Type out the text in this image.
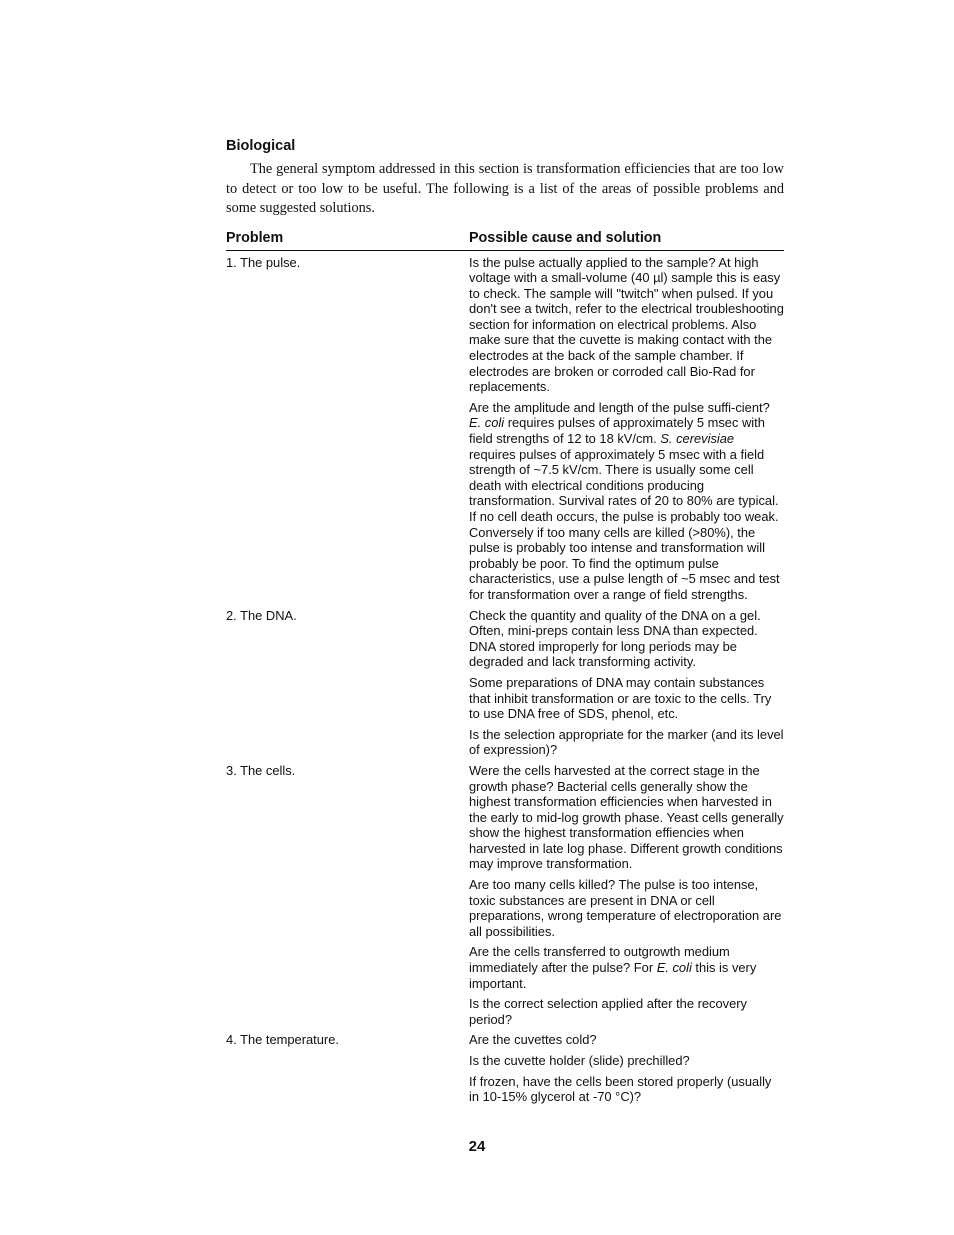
Biological

The general symptom addressed in this section is transformation efficiencies that are too low to detect or too low to be useful. The following is a list of the areas of possible problems and some suggested solutions.

Problem	Possible cause and solution
1. The pulse.	Is the pulse actually applied to the sample? At high voltage with a small-volume (40 µl) sample this is easy to check. The sample will "twitch" when pulsed. If you don't see a twitch, refer to the electrical troubleshooting section for information on electrical problems. Also make sure that the cuvette is making contact with the electrodes at the back of the sample chamber. If electrodes are broken or corroded call Bio-Rad for replacements.

Are the amplitude and length of the pulse suffi-cient? E. coli requires pulses of approximately 5 msec with field strengths of 12 to 18 kV/cm. S. cerevisiae requires pulses of approximately 5 msec with a field strength of ~7.5 kV/cm. There is usually some cell death with electrical conditions producing transformation. Survival rates of 20 to 80% are typical. If no cell death occurs, the pulse is probably too weak. Conversely if too many cells are killed (>80%), the pulse is probably too intense and transformation will probably be poor. To find the optimum pulse characteristics, use a pulse length of ~5 msec and test for transformation over a range of field strengths.

2. The DNA.	Check the quantity and quality of the DNA on a gel. Often, mini-preps contain less DNA than expected. DNA stored improperly for long periods may be degraded and lack transforming activity.

Some preparations of DNA may contain substances that inhibit transformation or are toxic to the cells. Try to use DNA free of SDS, phenol, etc.

Is the selection appropriate for the marker (and its level of expression)?

3. The cells.	Were the cells harvested at the correct stage in the growth phase? Bacterial cells generally show the highest transformation efficiencies when harvested in the early to mid-log growth phase. Yeast cells generally show the highest transformation effiencies when harvested in late log phase. Different growth conditions may improve transformation.

Are too many cells killed? The pulse is too intense, toxic substances are present in DNA or cell preparations, wrong temperature of electroporation are all possibilities.

Are the cells transferred to outgrowth medium immediately after the pulse? For E. coli this is very important.

Is the correct selection applied after the recovery period?

4. The temperature.	Are the cuvettes cold?

Is the cuvette holder (slide) prechilled?

If frozen, have the cells been stored properly (usually in 10-15% glycerol at -70 °C)?

24
